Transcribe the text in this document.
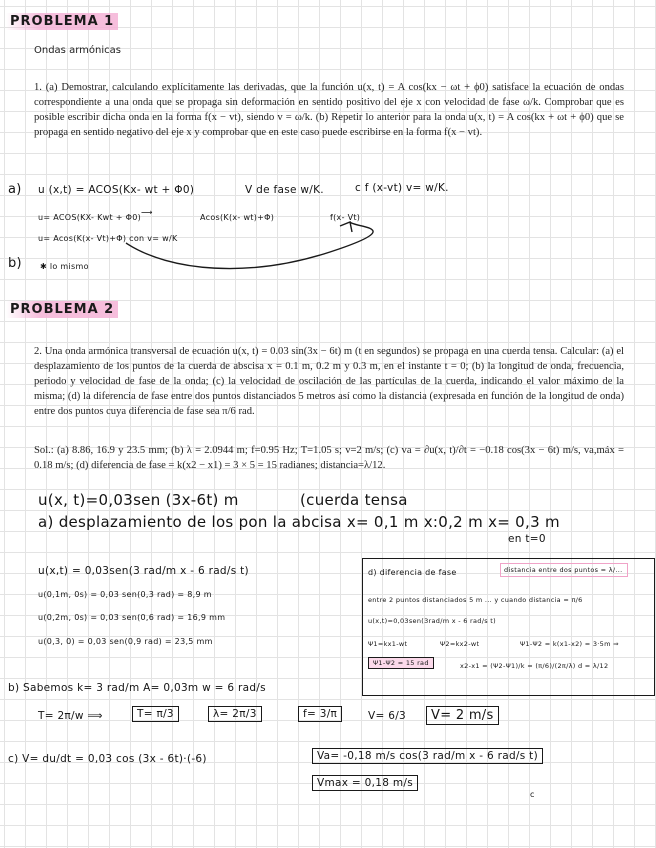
PROBLEMA 1
Ondas armónicas
1. (a) Demostrar, calculando explícitamente las derivadas, que la función u(x, t) = A cos(kx − ωt + ϕ0) satisface la ecuación de ondas correspondiente a una onda que se propaga sin deformación en sentido positivo del eje x con velocidad de fase ω/k. Comprobar que es posible escribir dicha onda en la forma f(x − vt), siendo v = ω/k. (b) Repetir lo anterior para la onda u(x, t) = A cos(kx + ωt + ϕ0) que se propaga en sentido negativo del eje x y comprobar que en este caso puede escribirse en la forma f(x − vt).
a) u (x,t) = ACOS(Kx- wt + Φ0)	V de fase w/K.	c f (x-vt) v= w/K.
u= ACOS(KX- Kwt + Φ0)
⟶
Acos(K(x- wt)+Φ)	f(x- Vt)
u= Acos(K(x- Vt)+Φ) con v= w/K
b) ✱ lo mismo
PROBLEMA 2
2. Una onda armónica transversal de ecuación u(x, t) = 0.03 sin(3x − 6t) m (t en segundos) se propaga en una cuerda tensa. Calcular: (a) el desplazamiento de los puntos de la cuerda de abscisa x = 0.1 m, 0.2 m y 0.3 m, en el instante t = 0; (b) la longitud de onda, frecuencia, periodo y velocidad de fase de la onda; (c) la velocidad de oscilación de las partículas de la cuerda, indicando el valor máximo de la misma; (d) la diferencia de fase entre dos puntos distanciados 5 metros así como la distancia (expresada en función de la longitud de onda) entre dos puntos cuya diferencia de fase sea π/6 rad.
Sol.: (a) 8.86, 16.9 y 23.5 mm; (b) λ = 2.0944 m; f=0.95 Hz; T=1.05 s; v=2 m/s; (c) va = ∂u(x, t)/∂t = −0.18 cos(3x − 6t) m/s, va,máx = 0.18 m/s; (d) diferencia de fase = k(x2 − x1) = 3 × 5 = 15 radianes; distancia=λ/12.
u(x, t)=0,03sen (3x-6t) m	(cuerda tensa
a) desplazamiento de los pon la abcisa x= 0,1 m x:0,2 m x= 0,3 m
en t=0
u(x,t) = 0,03sen(3 rad/m x - 6 rad/s t)
u(0,1m, 0s) = 0,03 sen(0,3 rad) = 8,9 m
u(0,2m, 0s) = 0,03 sen(0,6 rad) = 16,9 mm
u(0,3, 0) = 0,03 sen(0,9 rad) = 23,5 mm
d) diferencia de fase	distancia entre dos puntos = λ/...
entre 2 puntos distanciados 5 m ... y cuando distancia = π/6
u(x,t)=0,03sen(3rad/m x - 6 rad/s t)
Ψ1=kx1-wt	Ψ2=kx2-wt	Ψ1-Ψ2 = k(x1-x2) = 3·5m ⇒
Ψ1-Ψ2 = 15 rad	x2-x1 = (Ψ2-Ψ1)/k = (π/6)/(2π/λ) d = λ/12
b) Sabemos k= 3 rad/m A= 0,03m w = 6 rad/s
T= 2π/w ⟹	T= π/3	λ= 2π/3	f= 3/π	V= 6/3	V= 2 m/s
c) V= du/dt = 0,03 cos (3x - 6t)·(-6)	Va= -0,18 m/s cos(3 rad/m x - 6 rad/s t)
Vmax = 0,18 m/s
c
